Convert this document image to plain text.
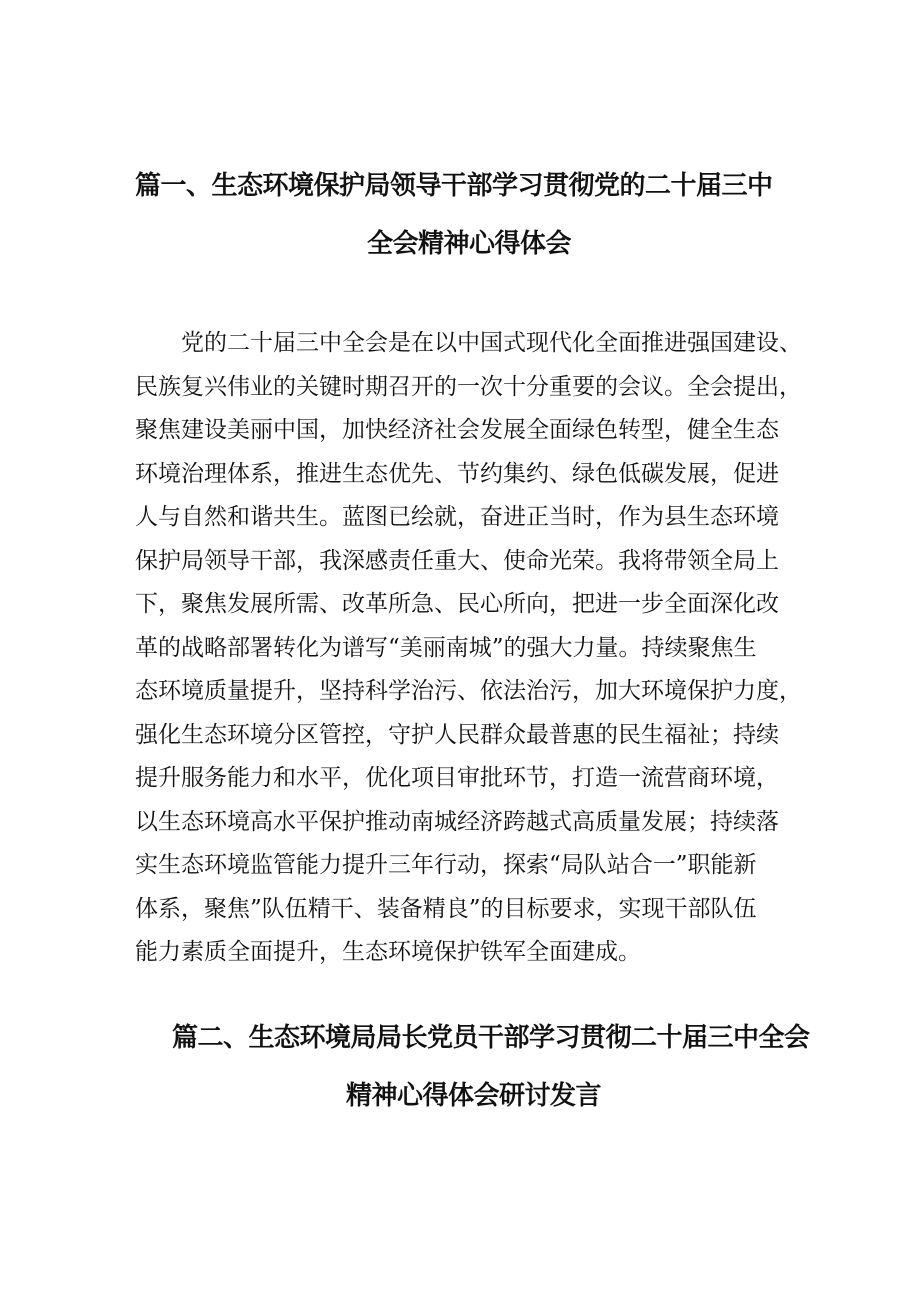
篇一、生态环境保护局领导干部学习贯彻党的二十届三中
全会精神心得体会

　　党的二十届三中全会是在以中国式现代化全面推进强国建设、
民族复兴伟业的关键时期召开的一次十分重要的会议。全会提出，
聚焦建设美丽中国，加快经济社会发展全面绿色转型，健全生态
环境治理体系，推进生态优先、节约集约、绿色低碳发展，促进
人与自然和谐共生。蓝图已绘就，奋进正当时，作为县生态环境
保护局领导干部，我深感责任重大、使命光荣。我将带领全局上
下，聚焦发展所需、改革所急、民心所向，把进一步全面深化改
革的战略部署转化为谱写“美丽南城”的强大力量。持续聚焦生
态环境质量提升，坚持科学治污、依法治污，加大环境保护力度，
强化生态环境分区管控，守护人民群众最普惠的民生福祉；持续
提升服务能力和水平，优化项目审批环节，打造一流营商环境，
以生态环境高水平保护推动南城经济跨越式高质量发展；持续落
实生态环境监管能力提升三年行动，探索“局队站合一”职能新
体系，聚焦”队伍精干、装备精良”的目标要求，实现干部队伍
能力素质全面提升，生态环境保护铁军全面建成。

篇二、生态环境局局长党员干部学习贯彻二十届三中全会
精神心得体会研讨发言
